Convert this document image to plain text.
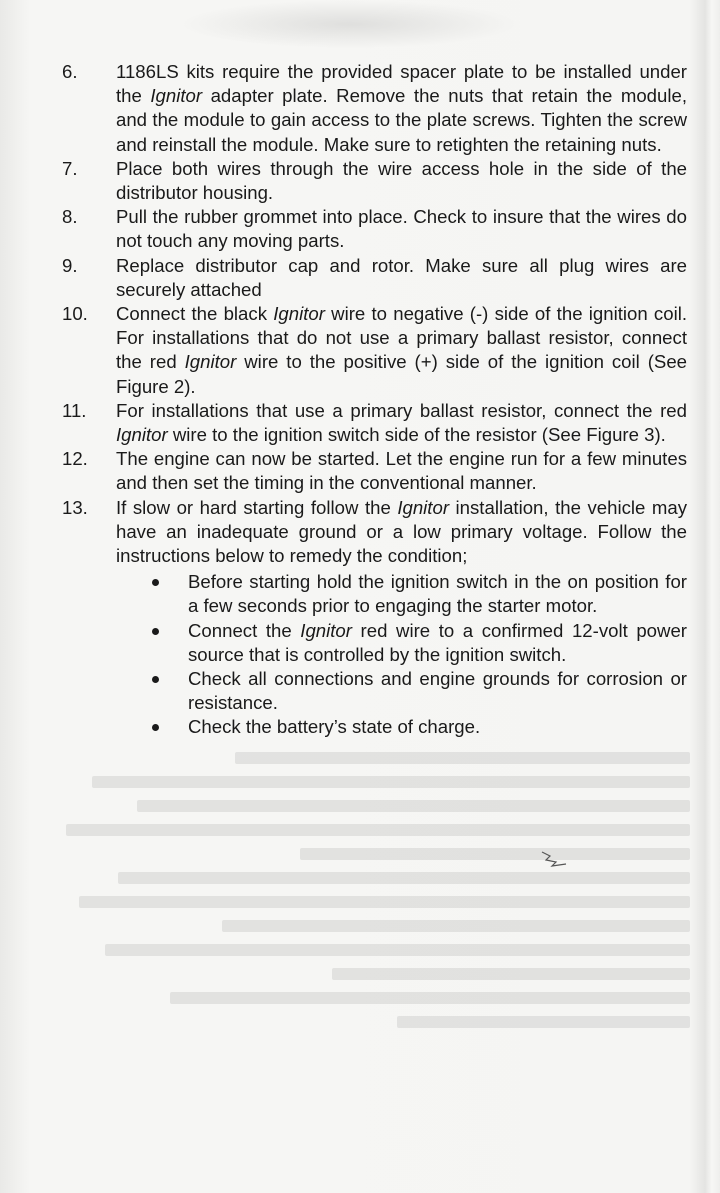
6.	1186LS kits require the provided spacer plate to be installed under the Ignitor adapter plate. Remove the nuts that retain the module, and the module to gain access to the plate screws. Tighten the screw and reinstall the module. Make sure to retighten the retaining nuts.
7.	Place both wires through the wire access hole in the side of the distributor housing.
8.	Pull the rubber grommet into place. Check to insure that the wires do not touch any moving parts.
9.	Replace distributor cap and rotor. Make sure all plug wires are securely attached
10.	Connect the black Ignitor wire to negative (-) side of the ignition coil. For installations that do not use a primary ballast resistor, connect the red Ignitor wire to the positive (+) side of the ignition coil (See Figure 2).
11.	For installations that use a primary ballast resistor, connect the red Ignitor wire to the ignition switch side of the resistor (See Figure 3).
12.	The engine can now be started. Let the engine run for a few minutes and then set the timing in the conventional manner.
13.	If slow or hard starting follow the Ignitor installation, the vehicle may have an inadequate ground or a low primary voltage. Follow the instructions below to remedy the condition;
Before starting hold the ignition switch in the on position for a few seconds prior to engaging the starter motor.
Connect the Ignitor red wire to a confirmed 12-volt power source that is controlled by the ignition switch.
Check all connections and engine grounds for corrosion or resistance.
Check the battery’s state of charge.
